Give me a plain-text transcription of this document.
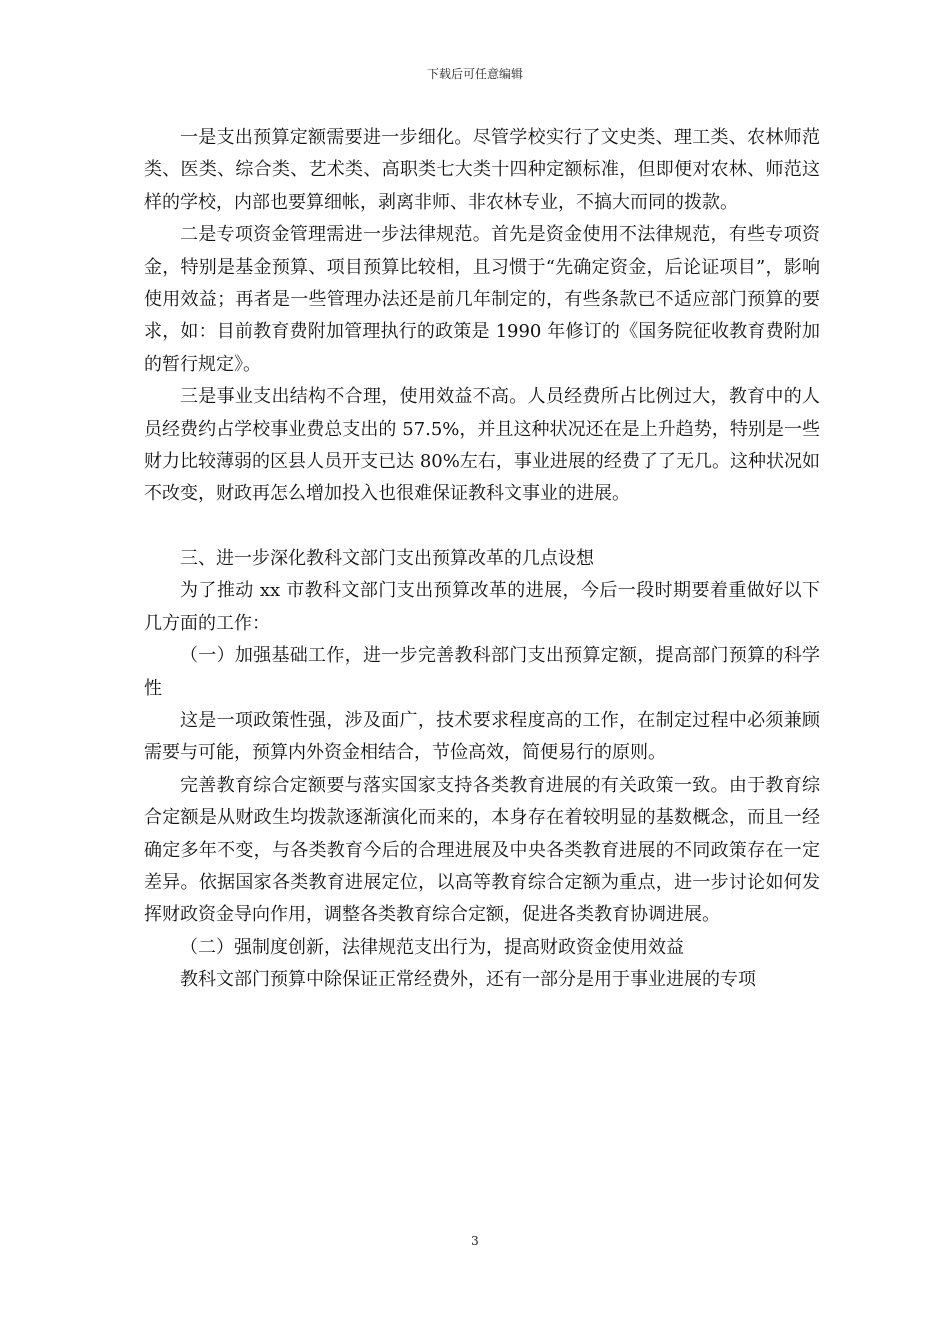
下载后可任意编辑

一是支出预算定额需要进一步细化。尽管学校实行了文史类、理工类、农林师范类、医类、综合类、艺术类、高职类七大类十四种定额标准，但即便对农林、师范这样的学校，内部也要算细帐，剥离非师、非农林专业，不搞大而同的拨款。

二是专项资金管理需进一步法律规范。首先是资金使用不法律规范，有些专项资金，特别是基金预算、项目预算比较相，且习惯于“先确定资金，后论证项目”，影响使用效益；再者是一些管理办法还是前几年制定的，有些条款已不适应部门预算的要求，如：目前教育费附加管理执行的政策是 1990 年修订的《国务院征收教育费附加的暂行规定》。

三是事业支出结构不合理，使用效益不高。人员经费所占比例过大，教育中的人员经费约占学校事业费总支出的 57.5%，并且这种状况还在是上升趋势，特别是一些财力比较薄弱的区县人员开支已达 80%左右，事业进展的经费了了无几。这种状况如不改变，财政再怎么增加投入也很难保证教科文事业的进展。

三、进一步深化教科文部门支出预算改革的几点设想

为了推动 xx 市教科文部门支出预算改革的进展，今后一段时期要着重做好以下几方面的工作：

（一）加强基础工作，进一步完善教科部门支出预算定额，提高部门预算的科学性

这是一项政策性强，涉及面广，技术要求程度高的工作，在制定过程中必须兼顾需要与可能，预算内外资金相结合，节俭高效，简便易行的原则。

完善教育综合定额要与落实国家支持各类教育进展的有关政策一致。由于教育综合定额是从财政生均拨款逐渐演化而来的，本身存在着较明显的基数概念，而且一经确定多年不变，与各类教育今后的合理进展及中央各类教育进展的不同政策存在一定差异。依据国家各类教育进展定位，以高等教育综合定额为重点，进一步讨论如何发挥财政资金导向作用，调整各类教育综合定额，促进各类教育协调进展。

（二）强制度创新，法律规范支出行为，提高财政资金使用效益

教科文部门预算中除保证正常经费外，还有一部分是用于事业进展的专项

3
